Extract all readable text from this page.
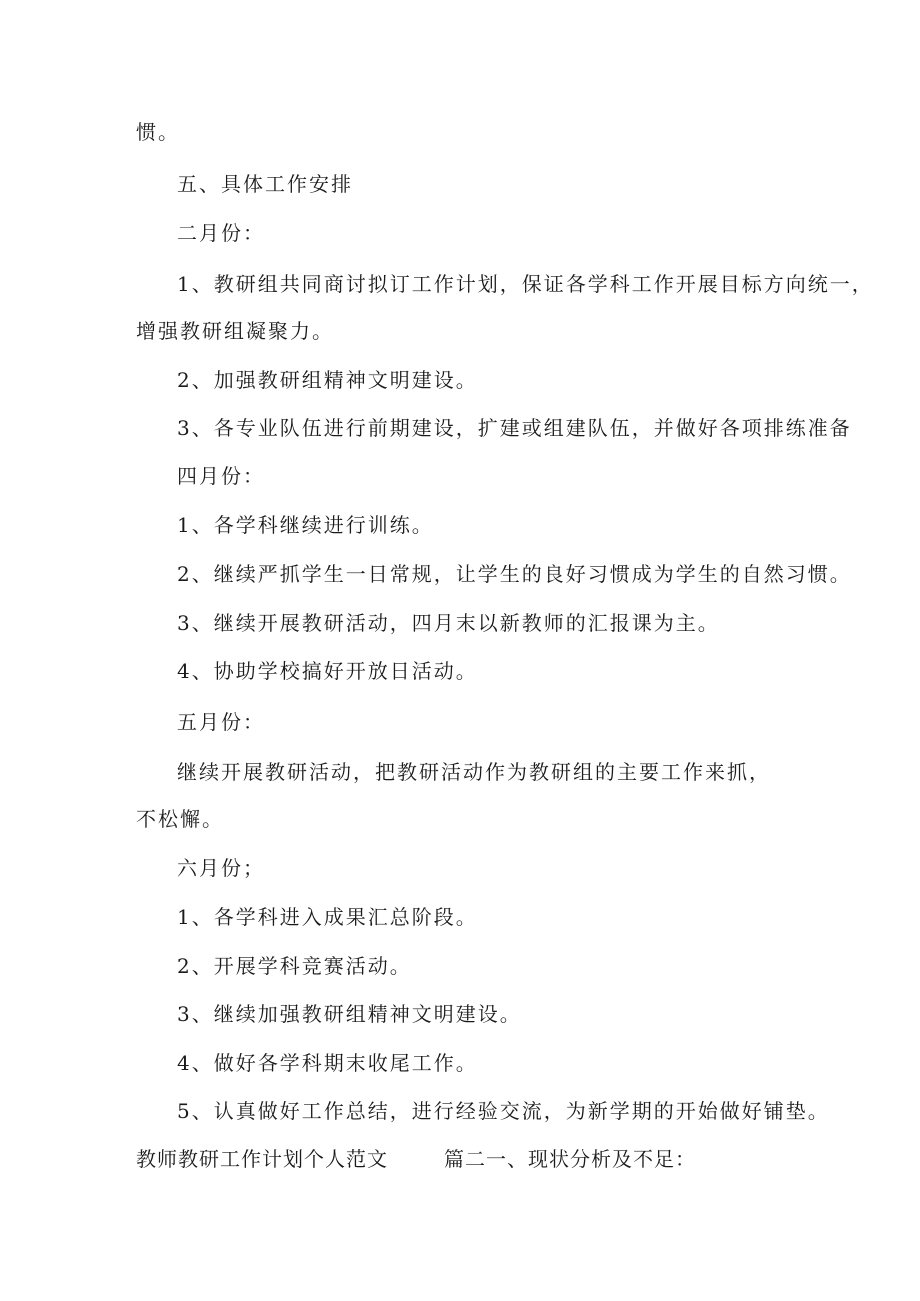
惯。
五、具体工作安排
二月份：
1、教研组共同商讨拟订工作计划，保证各学科工作开展目标方向统一，
增强教研组凝聚力。
2、加强教研组精神文明建设。
3、各专业队伍进行前期建设，扩建或组建队伍，并做好各项排练准备
四月份：
1、各学科继续进行训练。
2、继续严抓学生一日常规，让学生的良好习惯成为学生的自然习惯。
3、继续开展教研活动，四月末以新教师的汇报课为主。
4、协助学校搞好开放日活动。
五月份：
继续开展教研活动，把教研活动作为教研组的主要工作来抓，
不松懈。
六月份；
1、各学科进入成果汇总阶段。
2、开展学科竞赛活动。
3、继续加强教研组精神文明建设。
4、做好各学科期末收尾工作。
5、认真做好工作总结，进行经验交流，为新学期的开始做好铺垫。
教师教研工作计划个人范文	篇二一、现状分析及不足：
